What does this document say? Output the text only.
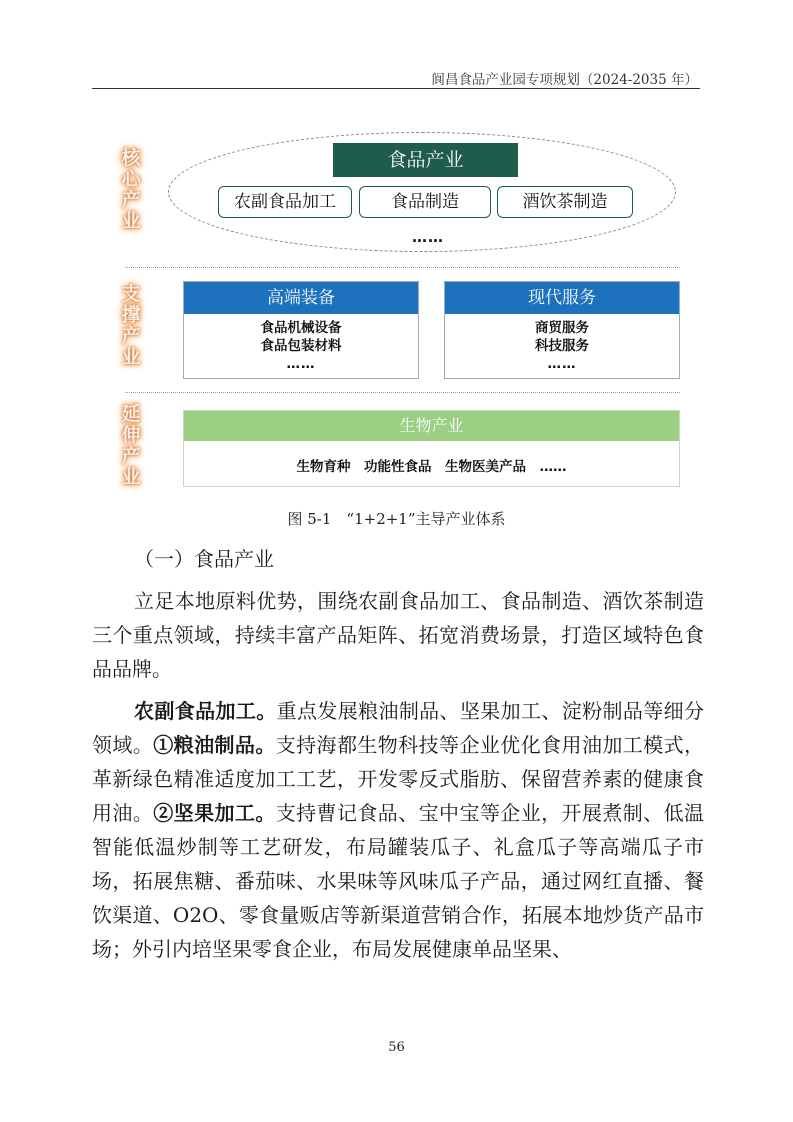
阆昌食品产业园专项规划（2024-2035 年）
核
心
产
业
支
撑
产
业
延
伸
产
业
食品产业
农副食品加工	食品制造	酒饮茶制造
……
高端装备
食品机械设备
食品包装材料
……
现代服务
商贸服务
科技服务
……
生物产业
生物育种　功能性食品　生物医美产品　……
图 5-1　“1+2+1”主导产业体系
（一）食品产业
立足本地原料优势，围绕农副食品加工、食品制造、酒饮茶制造三个重点领域，持续丰富产品矩阵、拓宽消费场景，打造区域特色食品品牌。
农副食品加工。重点发展粮油制品、坚果加工、淀粉制品等细分领域。①粮油制品。支持海都生物科技等企业优化食用油加工模式，革新绿色精准适度加工工艺，开发零反式脂肪、保留营养素的健康食用油。②坚果加工。支持曹记食品、宝中宝等企业，开展煮制、低温智能低温炒制等工艺研发，布局罐装瓜子、礼盒瓜子等高端瓜子市场，拓展焦糖、番茄味、水果味等风味瓜子产品，通过网红直播、餐饮渠道、O2O、零食量贩店等新渠道营销合作，拓展本地炒货产品市场；外引内培坚果零食企业，布局发展健康单品坚果、
56
